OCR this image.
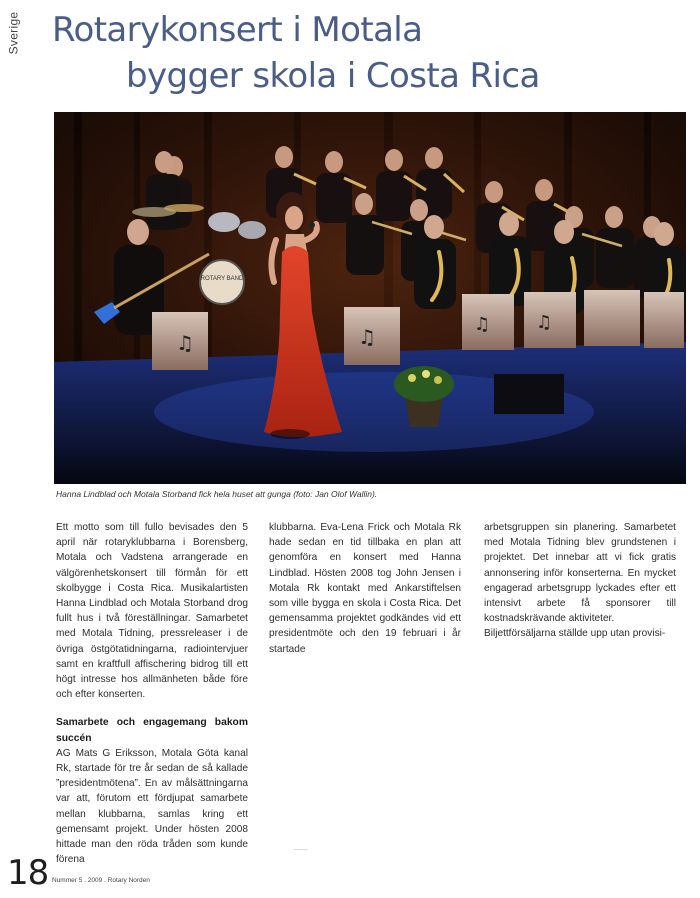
Sverige Rotarykonsert i Motala
bygger skola i Costa Rica
ROTARY BAND
♫	♫
♫	♫
Hanna Lindblad och Motala Storband fick hela huset att gunga (foto: Jan Olof Wallin).

Ett motto som till fullo bevisades den 5 april när rotaryklubbarna i Borensberg, Motala och Vadstena arrangerade en välgörenhetskonsert till förmån för ett skolbygge i Costa Rica. Musikalartisten Hanna Lindblad och Motala Storband drog fullt hus i två föreställningar. Samarbetet med Motala Tidning, pressreleaser i de övriga östgötatidningarna, radiointervjuer samt en kraftfull affischering bidrog till ett högt intresse hos allmänheten både före och efter konserten.

Samarbete och engagemang bakom succén

AG Mats G Eriksson, Motala Göta kanal Rk, startade för tre år sedan de så kallade ”presidentmötena”. En av målsättningarna var att, förutom ett fördjupat samarbete mellan klubbarna, samlas kring ett gemensamt projekt. Under hösten 2008 hittade man den röda tråden som kunde förena

klubbarna. Eva-Lena Frick och Motala Rk hade sedan en tid tillbaka en plan att genomföra en konsert med Hanna Lindblad. Hösten 2008 tog John Jensen i Motala Rk kontakt med Ankarstiftelsen som ville bygga en skola i Costa Rica. Det gemensamma projektet godkändes vid ett presidentmöte och den 19 februari i år startade

arbetsgruppen sin planering. Samarbetet med Motala Tidning blev grundstenen i projektet. Det innebar att vi fick gratis annonsering inför konserterna. En mycket engagerad arbetsgrupp lyckades efter ett intensivt arbete få sponsorer till kostnadskrävande aktiviteter.

Biljettförsäljarna ställde upp utan provisi-

18 Nummer 5 . 2009 . Rotary Norden
